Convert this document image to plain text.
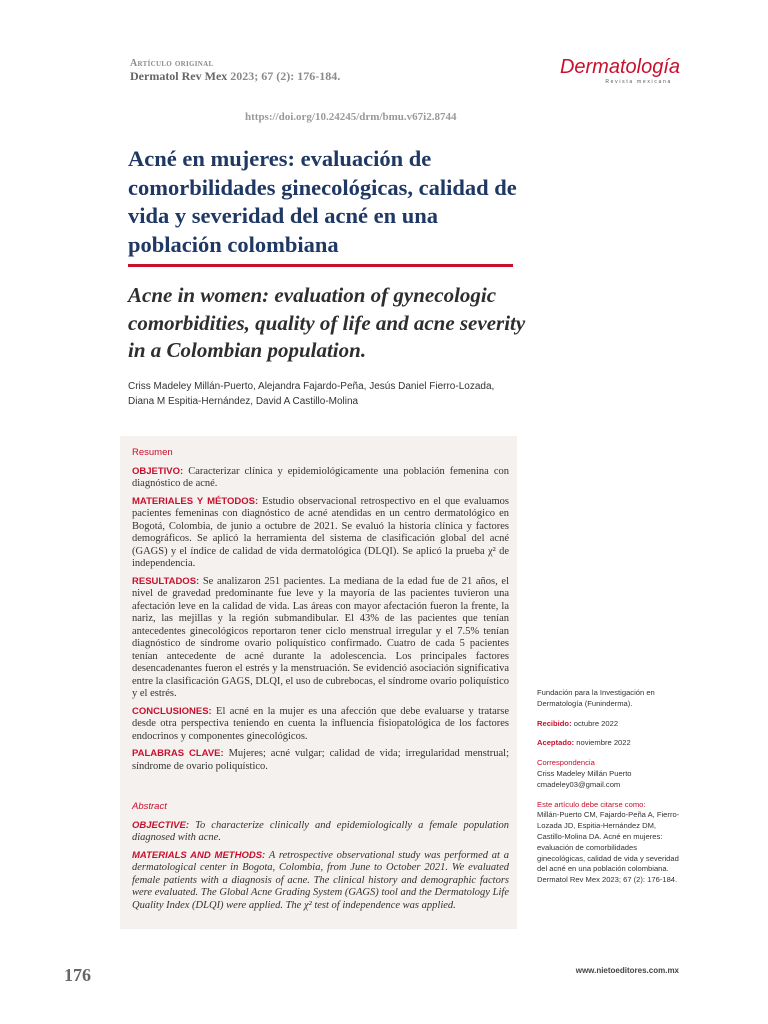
Artículo original
Dermatol Rev Mex 2023; 67 (2): 176-184.	Dermatología
Revista mexicana
https://doi.org/10.24245/drm/bmu.v67i2.8744
Acné en mujeres: evaluación de comorbilidades ginecológicas, calidad de vida y severidad del acné en una población colombiana
Acne in women: evaluation of gynecologic comorbidities, quality of life and acne severity in a Colombian population.
Criss Madeley Millán-Puerto, Alejandra Fajardo-Peña, Jesús Daniel Fierro-Lozada, Diana M Espitia-Hernández, David A Castillo-Molina

Resumen

OBJETIVO: Caracterizar clínica y epidemiológicamente una población femenina con diagnóstico de acné.

MATERIALES Y MÉTODOS: Estudio observacional retrospectivo en el que evaluamos pacientes femeninas con diagnóstico de acné atendidas en un centro dermatológico en Bogotá, Colombia, de junio a octubre de 2021. Se evaluó la historia clínica y factores demográficos. Se aplicó la herramienta del sistema de clasificación global del acné (GAGS) y el índice de calidad de vida dermatológica (DLQI). Se aplicó la prueba χ² de independencia.

RESULTADOS: Se analizaron 251 pacientes. La mediana de la edad fue de 21 años, el nivel de gravedad predominante fue leve y la mayoría de las pacientes tuvieron una afectación leve en la calidad de vida. Las áreas con mayor afectación fueron la frente, la nariz, las mejillas y la región submandibular. El 43% de las pacientes que tenían antecedentes ginecológicos reportaron tener ciclo menstrual irregular y el 7.5% tenían diagnóstico de síndrome ovario poliquístico confirmado. Cuatro de cada 5 pacientes tenían antecedente de acné durante la adolescencia. Los principales factores desencadenantes fueron el estrés y la menstruación. Se evidenció asociación significativa entre la clasificación GAGS, DLQI, el uso de cubrebocas, el síndrome ovario poliquístico y el estrés.

CONCLUSIONES: El acné en la mujer es una afección que debe evaluarse y tratarse desde otra perspectiva teniendo en cuenta la influencia fisiopatológica de los factores endocrinos y componentes ginecológicos.

PALABRAS CLAVE: Mujeres; acné vulgar; calidad de vida; irregularidad menstrual; síndrome de ovario poliquístico.

Abstract

OBJECTIVE: To characterize clinically and epidemiologically a female population diagnosed with acne.

MATERIALS AND METHODS: A retrospective observational study was performed at a dermatological center in Bogota, Colombia, from June to October 2021. We evaluated female patients with a diagnosis of acne. The clinical history and demographic factors were evaluated. The Global Acne Grading System (GAGS) tool and the Dermatology Life Quality Index (DLQI) were applied. The χ² test of independence was applied.

Fundación para la Investigación en Dermatología (Funinderma).

Recibido: octubre 2022

Aceptado: noviembre 2022

Correspondencia

Criss Madeley Millán Puerto

cmadeley03@gmail.com

Este artículo debe citarse como:

Millán-Puerto CM, Fajardo-Peña A, Fierro-Lozada JD, Espitia-Hernández DM, Castillo-Molina DA. Acné en mujeres: evaluación de comorbilidades ginecológicas, calidad de vida y severidad del acné en una población colombiana. Dermatol Rev Mex 2023; 67 (2): 176-184.

176	www.nietoeditores.com.mx
